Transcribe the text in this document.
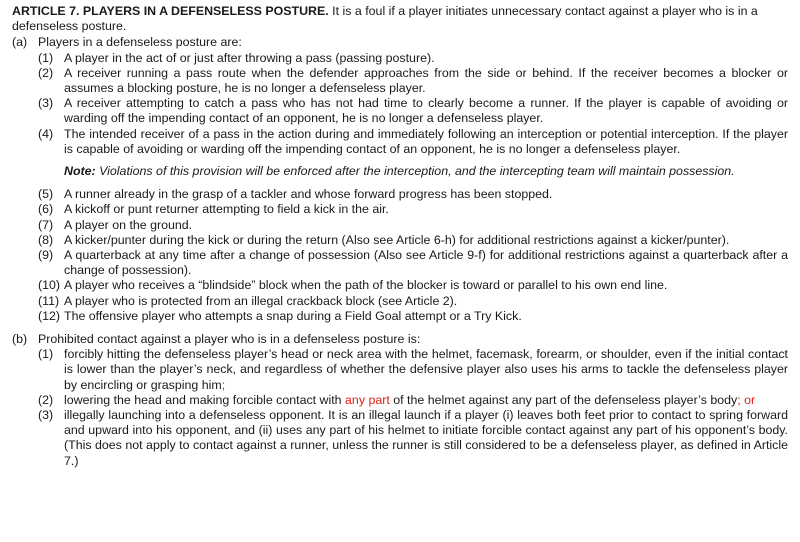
ARTICLE 7. PLAYERS IN A DEFENSELESS POSTURE. It is a foul if a player initiates unnecessary contact against a player who is in a defenseless posture.

(a) Players in a defenseless posture are:
(1) A player in the act of or just after throwing a pass (passing posture).
(2) A receiver running a pass route when the defender approaches from the side or behind. If the receiver becomes a blocker or assumes a blocking posture, he is no longer a defenseless player.
(3) A receiver attempting to catch a pass who has not had time to clearly become a runner. If the player is capable of avoiding or warding off the impending contact of an opponent, he is no longer a defenseless player.
(4) The intended receiver of a pass in the action during and immediately following an interception or potential interception. If the player is capable of avoiding or warding off the impending contact of an opponent, he is no longer a defenseless player.

Note: Violations of this provision will be enforced after the interception, and the intercepting team will maintain possession.

(5) A runner already in the grasp of a tackler and whose forward progress has been stopped.
(6) A kickoff or punt returner attempting to field a kick in the air.
(7) A player on the ground.
(8) A kicker/punter during the kick or during the return (Also see Article 6-h) for additional restrictions against a kicker/punter).
(9) A quarterback at any time after a change of possession (Also see Article 9-f) for additional restrictions against a quarterback after a change of possession).
(10) A player who receives a “blindside” block when the path of the blocker is toward or parallel to his own end line.
(11) A player who is protected from an illegal crackback block (see Article 2).
(12) The offensive player who attempts a snap during a Field Goal attempt or a Try Kick.
(b) Prohibited contact against a player who is in a defenseless posture is:
(1) forcibly hitting the defenseless player’s head or neck area with the helmet, facemask, forearm, or shoulder, even if the initial contact is lower than the player’s neck, and regardless of whether the defensive player also uses his arms to tackle the defenseless player by encircling or grasping him;
(2) lowering the head and making forcible contact with any part of the helmet against any part of the defenseless player’s body; or
(3) illegally launching into a defenseless opponent. It is an illegal launch if a player (i) leaves both feet prior to contact to spring forward and upward into his opponent, and (ii) uses any part of his helmet to initiate forcible contact against any part of his opponent’s body. (This does not apply to contact against a runner, unless the runner is still considered to be a defenseless player, as defined in Article 7.)
